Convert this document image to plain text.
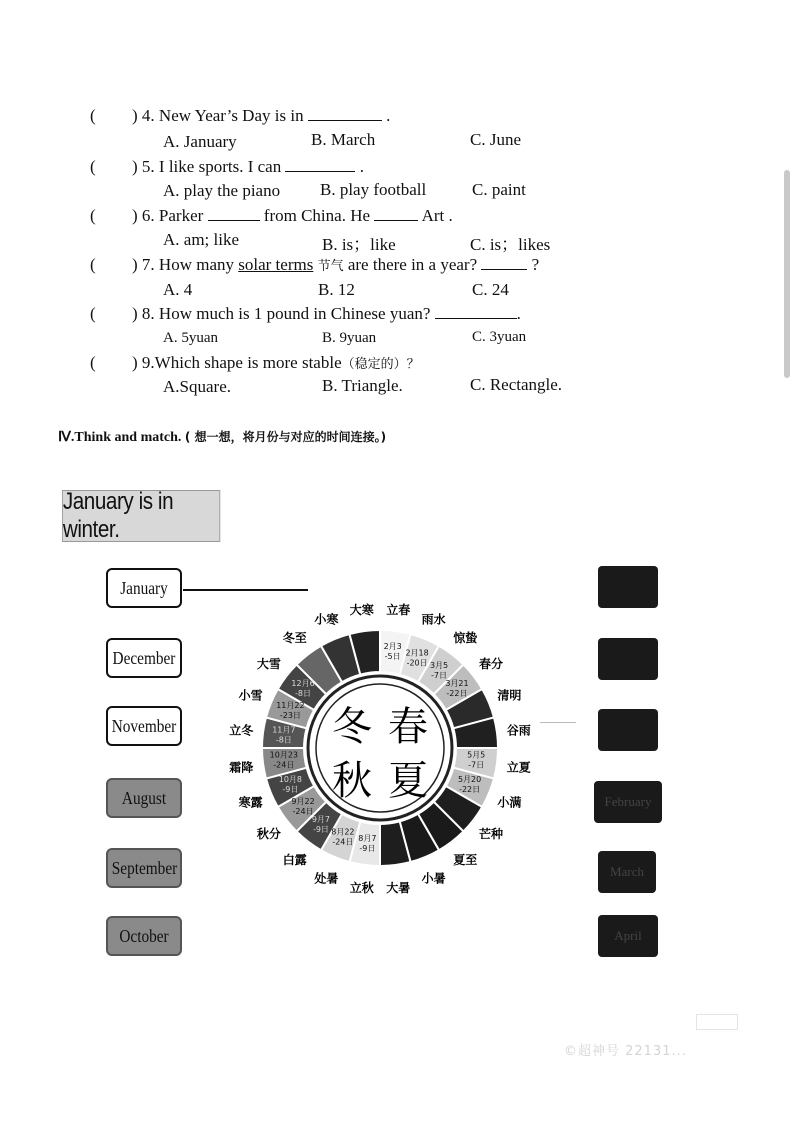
( ) 4. New Year’s Day is in	.
A. January	B. March	C. June
( ) 5. I like sports. I can	.
A. play the piano B. play football	C. paint
( ) 6. Parker	from China. He	Art .
A. am; like	B. is；like	C. is；likes
( ) 7. How many solar terms 节气 are there in a year?	?
A. 4	B. 12	C. 24
( ) 8. How much is 1 pound in Chinese yuan?	.
A. 5yuan	B. 9yuan	C. 3yuan
( ) 9.Which shape is more stable（稳定的）？
A.Square.	B. Triangle.	C. Rectangle.
Ⅳ.Think and match. ( 想一想，将月份与对应的时间连接。)
January is in winter.
January
December
November
August
September
October
February
March
April
2月3
-5日 2月18
-20日 3月5
-7日
3月21
-22日
5月5
-7日
5月20
-22日
8月7
-9日
8月22
-24日
9月7
-9日
9月22
-24日
10月8
-9日
10月23
-24日
11月7
-8日
11月22
-23日
12月6
-8日
立春
雨水
惊蛰
春分
清明
谷雨
立夏
小满
芒种
夏至
小暑
大暑
立秋
处暑
白露
秋分
寒露
霜降
立冬
小雪
大雪
冬至
小寒
大寒
冬 春
秋 夏
©超神号 22131...
